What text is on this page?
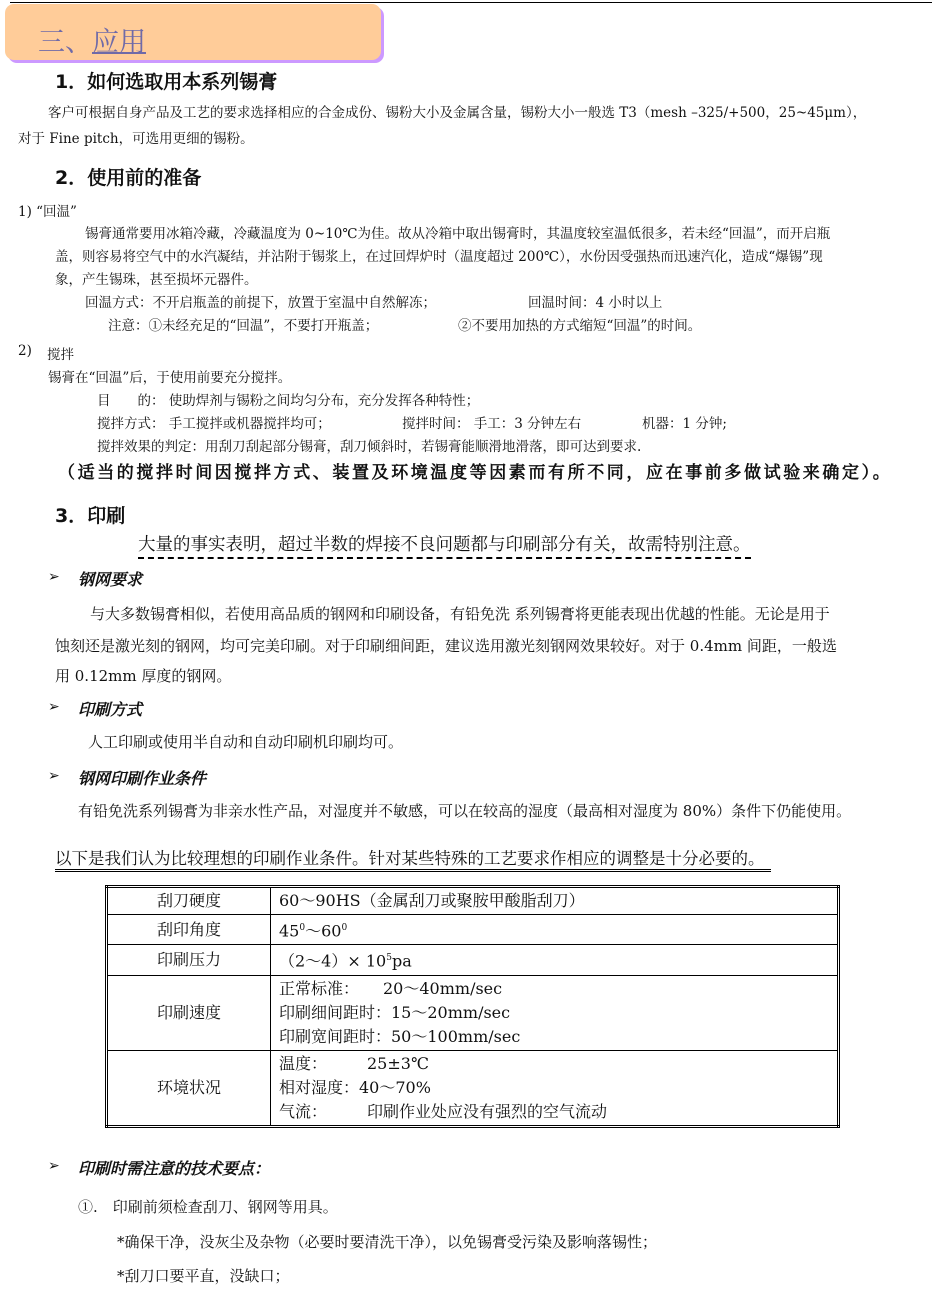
三、应用
1．如何选取用本系列锡膏
客户可根据自身产品及工艺的要求选择相应的合金成份、锡粉大小及金属含量，锡粉大小一般选 T3（mesh –325/+500，25~45μm），
对于 Fine pitch，可选用更细的锡粉。
2．使用前的准备
1) “回温”
锡膏通常要用冰箱冷藏，冷藏温度为 0~10℃为佳。故从冷箱中取出锡膏时，其温度较室温低很多，若未经“回温”，而开启瓶
盖，则容易将空气中的水汽凝结，并沾附于锡浆上，在过回焊炉时（温度超过 200℃），水份因受强热而迅速汽化，造成“爆锡”现
象，产生锡珠，甚至损坏元器件。
回温方式：不开启瓶盖的前提下，放置于室温中自然解冻；	回温时间：4 小时以上
注意：①未经充足的“回温”，不要打开瓶盖；	②不要用加热的方式缩短“回温”的时间。
2) 搅拌
锡膏在“回温”后，于使用前要充分搅拌。
目　　的： 使助焊剂与锡粉之间均匀分布，充分发挥各种特性；
搅拌方式： 手工搅拌或机器搅拌均可；	搅拌时间： 手工：3 分钟左右	机器：1 分钟;
搅拌效果的判定：用刮刀刮起部分锡膏，刮刀倾斜时，若锡膏能顺滑地滑落，即可达到要求.
（适当的搅拌时间因搅拌方式、装置及环境温度等因素而有所不同，应在事前多做试验来确定）。
3．印刷
大量的事实表明，超过半数的焊接不良问题都与印刷部分有关，故需特别注意。
➢ 钢网要求
与大多数锡膏相似，若使用高品质的钢网和印刷设备，有铅免洗 系列锡膏将更能表现出优越的性能。无论是用于
蚀刻还是激光刻的钢网，均可完美印刷。对于印刷细间距，建议选用激光刻钢网效果较好。对于 0.4mm 间距，一般选
用 0.12mm 厚度的钢网。
➢ 印刷方式
人工印刷或使用半自动和自动印刷机印刷均可。
➢ 钢网印刷作业条件
有铅免洗系列锡膏为非亲水性产品，对湿度并不敏感，可以在较高的湿度（最高相对湿度为 80%）条件下仍能使用。
以下是我们认为比较理想的印刷作业条件。针对某些特殊的工艺要求作相应的调整是十分必要的。
刮刀硬度	60～90HS（金属刮刀或聚胺甲酸脂刮刀）
刮印角度	$45^0\sim 60^0$
印刷压力	（2～4）× $10^5pa$
印刷速度	正常标准：　　20～40mm/sec
印刷细间距时：15～20mm/sec
印刷宽间距时：50～100mm/sec

环境状况	温度：　　　25±3℃
相对湿度：40～70%
气流：　　　印刷作业处应没有强烈的空气流动
➢ 印刷时需注意的技术要点：
①.　印刷前须检查刮刀、钢网等用具。
*确保干净，没灰尘及杂物（必要时要清洗干净），以免锡膏受污染及影响落锡性；
*刮刀口要平直，没缺口；
